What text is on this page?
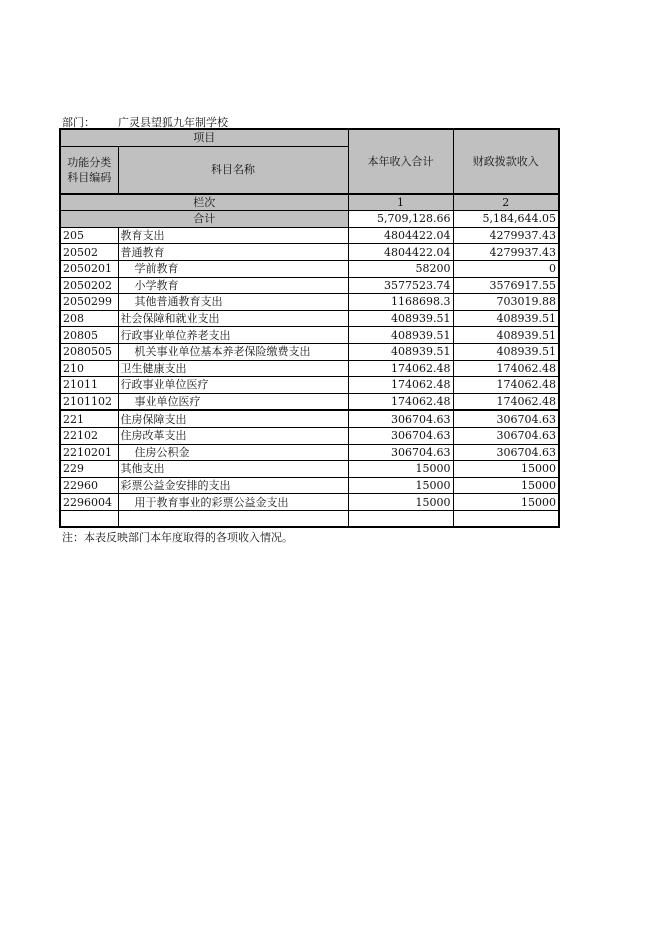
部门： 广灵县望狐九年制学校
项目		本年收入合计	财政拨款收入

功能分类
科目编码	科目名称		
栏次		1	2
合计		5,709,128.66	5,184,644.05
205	教育支出	4804422.04	4279937.43
20502	普通教育	4804422.04	4279937.43
2050201	学前教育	58200	0
2050202	小学教育	3577523.74	3576917.55
2050299	其他普通教育支出	1168698.3	703019.88
208	社会保障和就业支出	408939.51	408939.51
20805	行政事业单位养老支出	408939.51	408939.51
2080505	机关事业单位基本养老保险缴费支出	408939.51	408939.51
210	卫生健康支出	174062.48	174062.48
21011	行政事业单位医疗	174062.48	174062.48
2101102	事业单位医疗	174062.48	174062.48
221	住房保障支出	306704.63	306704.63
22102	住房改革支出	306704.63	306704.63
2210201	住房公积金	306704.63	306704.63
229	其他支出	15000	15000
22960	彩票公益金安排的支出	15000	15000
2296004	用于教育事业的彩票公益金支出	15000	15000

注：本表反映部门本年度取得的各项收入情况。
